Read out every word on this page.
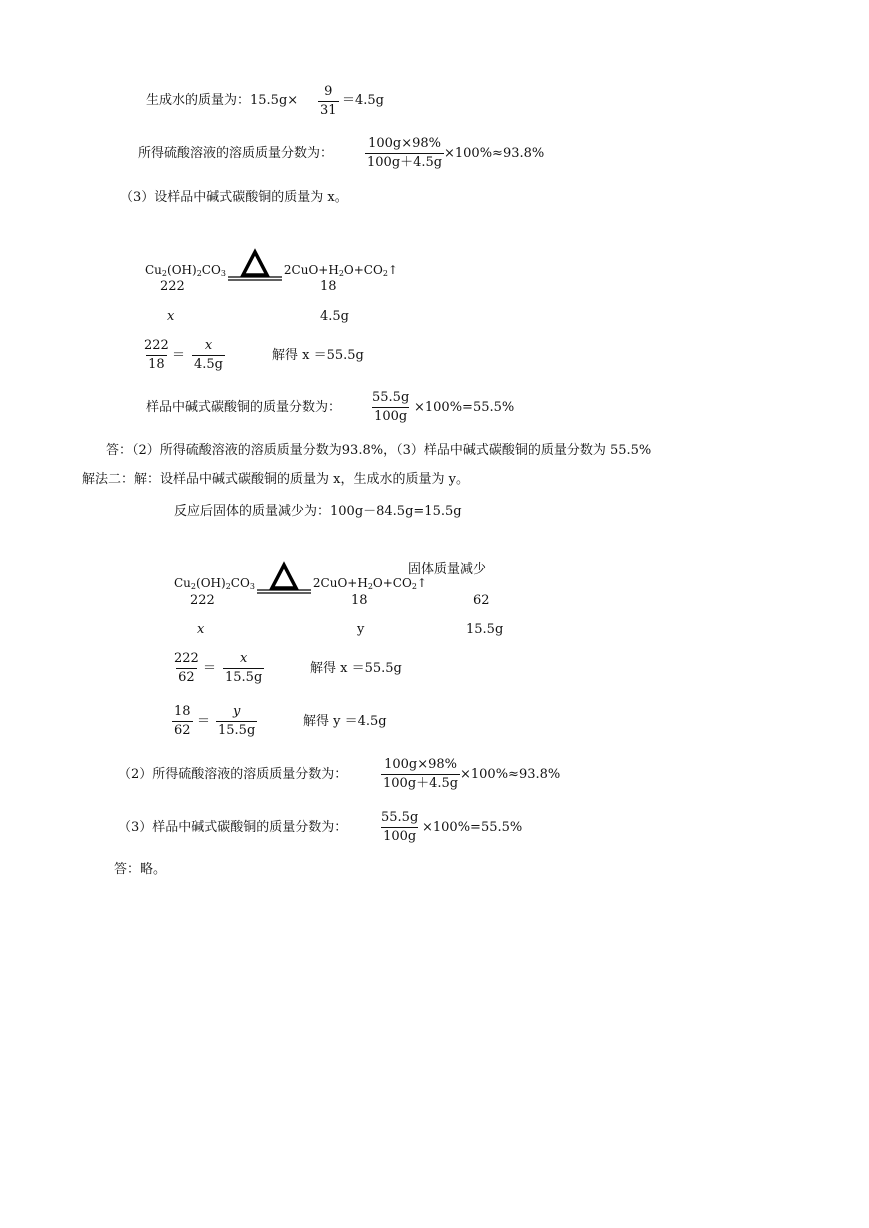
生成水的质量为：$15.5g\times \frac{9}{31} =4.5g$
所得硫酸溶液的溶质质量分数为： $\frac{100g\times 98\%}{100g+4.5g} \times 100\%\approx 93.8\%$
（3）设样品中碱式碳酸铜的质量为 x。
$Cu_2(OH)_2CO_3$	$2CuO+H_2O+CO_2↑$
222	18
x	4.5g
$\frac{222}{18} = \frac{x}{4.5g}$	解得 x ＝55.5g
样品中碱式碳酸铜的质量分数为： $\frac{55.5g}{100g} \times 100\%=55.5\%$
答：（2）所得硫酸溶液的溶质质量分数为93.8%，（3）样品中碱式碳酸铜的质量分数为 55.5%
解法二：解：设样品中碱式碳酸铜的质量为 x，生成水的质量为 y。
反应后固体的质量减少为：100g－84.5g=15.5g
$Cu_2(OH)_2CO_3$	$2CuO+H_2O+CO_2↑$
固体质量减少
222	18	62
x	y	15.5g
$\frac{222}{62} = \frac{x}{15.5g}$	解得 x ＝55.5g
$\frac{18}{62} = \frac{y}{15.5g}$	解得 y ＝4.5g
（2）所得硫酸溶液的溶质质量分数为：	$\frac{100g\times 98\%}{100g+4.5g} \times 100\%\approx 93.8\%$
（3）样品中碱式碳酸铜的质量分数为： $\frac{55.5g}{100g} \times 100\%=55.5\%$
答：略。
